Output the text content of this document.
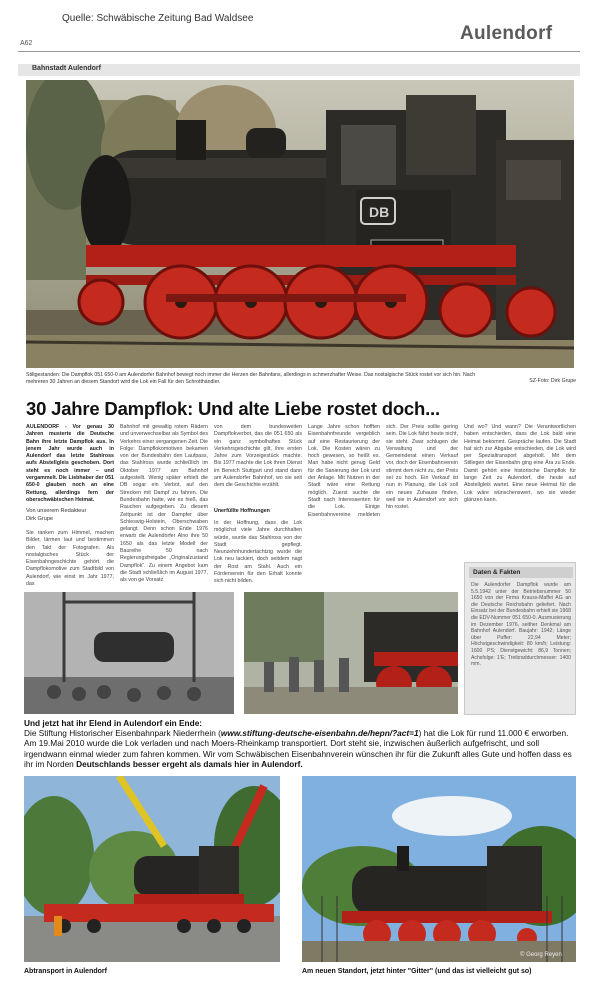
Quelle: Schwäbische Zeitung Bad Waldsee
A62	Aulendorf
Bahnstadt Aulendorf
DB
Stiltgestanden: Die Dampflok 051 650-0 am Aulendorfer Bahnhof bewegt noch immer die Herzen der Bahnfans, allerdings in schmerzhafter Weise. Das nostalgische Stück rostet vor sich hin. Nach mehreren 30 Jahren an diesem Standort wird die Lok ein Fall für den Schrotthändler.	SZ-Foto: Dirk Grupe
30 Jahre Dampflok: Und alte Liebe rostet doch...
AULENDORF - Vor genau 30 Jahren musterte die Deutsche Bahn ihre letzte Dampflok aus. In jenem Jahr wurde auch in Aulendorf das letzte Stahlross aufs Abstellgleis geschoben. Dort steht es noch immer – und vergammelt. Die Liebhaber der 051 650-0 glauben noch an eine Rettung, allerdings fern der oberschwäbischen Heimat.
Von unserem Redakteur
Dirk Grupe
Sie ranken zum Himmel, machen Bilder, lärmen laut und bestimmen den Takt der Fotografen. Als nostalgisches Stück der Eisenbahngeschichte gehört die Dampflokomotive zum Stadtbild von Aulendorf, wie einst im Jahr 1977, das
Bahnhof mit gewaltig rotem Rädern und unverwechselbar als Symbol des Verkehrs einer vergangenen Zeit. Die Folge: Dampflokomotiven bekamen von der Bundesbahn den Laufpass, das Stahlross wurde schließlich im Oktober 1977 am Bahnhof aufgestellt. Wenig später erhielt die DB sogar ein Verbot, auf den Strecken mit Dampf zu fahren. Die Bundesbahn hatte, wie es hieß, das Rauchen aufgegeben. Zu diesem Zeitpunkt ist der Dampfer über Schleswig-Holstein, Oberschwaben gelangt. Denn schon Ende 1976 erwarb die Aulendorfer Alno ihre 50 1650 als das letzte Modell der Baureihe 50 nach Regierungsfreigabe „Originalzustand Dampflok“. Zu einem Angebot kam die Stadt schließlich im August 1977, als von ge Vorsatz
von dem bundesweiten Dampflokverbot, das die 051 650 als ein ganz symbolhaftes Stück Verkehrsgeschichte gilt, ihre ersten Jahre zum Vorzeigestück machte. Bis 1977 machte die Lok ihren Dienst im Bereich Stuttgart und stand dann am Aulendorfer Bahnhof, wo sie seit dem die Geschichte erzählt.
Unerfüllte Hoffnungen
In der Hoffnung, dass die Lok möglichst viele Jahre durchhalten würde, wurde das Stahlross von der Stadt gepflegt. Neunzehnhundertachtzig wurde die Lok neu lackiert, doch seitdem nagt der Rost am Stahl. Auch ein Förderverein für den Erhalt konnte sich nicht bilden.
Lange Jahre schon hofften Eisenbahnfreunde vergeblich auf eine Restaurierung der Lok. Die Kosten wären zu hoch gewesen, so heißt es. Man habe nicht genug Geld für die Sanierung der Lok und der Anlage. Mit Nutzen in der Stadt wäre eine Rettung möglich. Zuerst suchte die Stadt nach Interessenten für die Lok. Einige Eisenbahnvereine meldeten sich. Der Preis sollte gering sein. Die Lok fährt heute nicht, sie steht. Zwar schlugen die Verwaltung und der Gemeinderat einen Verkauf vor, doch der Eisenbahnverein stimmt dem nicht zu, der Preis sei zu hoch. Ein Verkauf ist nun in Planung, die Lok soll ein neues Zuhause finden, weil sie in Aulendorf vor sich hin rostet.
Und wo? Und wann? Die Verantwortlichen haben entschieden, dass die Lok bald eine Heimat bekommt. Gespräche laufen. Die Stadt hat sich zur Abgabe entschieden, die Lok wird per Spezialtransport abgeholt. Mit dem Stillegen der Eisenbahn ging eine Ära zu Ende. Damit gehört eine historische Dampflok für lange Zeit zu Aulendorf, die heute auf Abstellgleis wartet. Eine neue Heimat für die Lok wäre wünschenswert, wo sie wieder glänzen kann.
Daten & Fakten
Die Aulendorfer Dampflok wurde am 5.5.1942 unter der Betriebsnummer 50 1650 von der Firma Krauss-Maffei AG an die Deutsche Reichsbahn geliefert. Nach Einsatz bei der Bundesbahn erhielt sie 1968 die EDV-Nummer 051 650-0. Ausmusterung im Dezember 1976, seither Denkmal am Bahnhof Aulendorf. Baujahr: 1942; Länge über Puffer: 22,94 Meter; Höchstgeschwindigkeit: 80 km/h; Leistung: 1600 PS; Dienstgewicht: 86,9 Tonnen; Achsfolge: 1'E; Treibraddurchmesser: 1400 mm.
Und jetzt hat ihr Elend in Aulendorf ein Ende:
Die Stiftung Historischer Eisenbahnpark Niederrhein (www.stiftung-deutsche-eisenbahn.de/hepn/?act=1) hat die Lok für rund 11.000 € erworben. Am 19.Mai 2010 wurde die Lok verladen und nach Moers-Rheinkamp transportiert. Dort steht sie, inzwischen äußerlich aufgefrischt, und soll irgendwann einmal wieder zum fahren kommen. Wir vom Schwäbischen Eisenbahnverein wünschen ihr für die Zukunft alles Gute und hoffen dass es ihr im Norden Deutschlands besser ergeht als damals hier in Aulendorf.
Abtransport in Aulendorf
© Georg Reyen
Am neuen Standort, jetzt hinter "Gitter" (und das ist vielleicht gut so)
